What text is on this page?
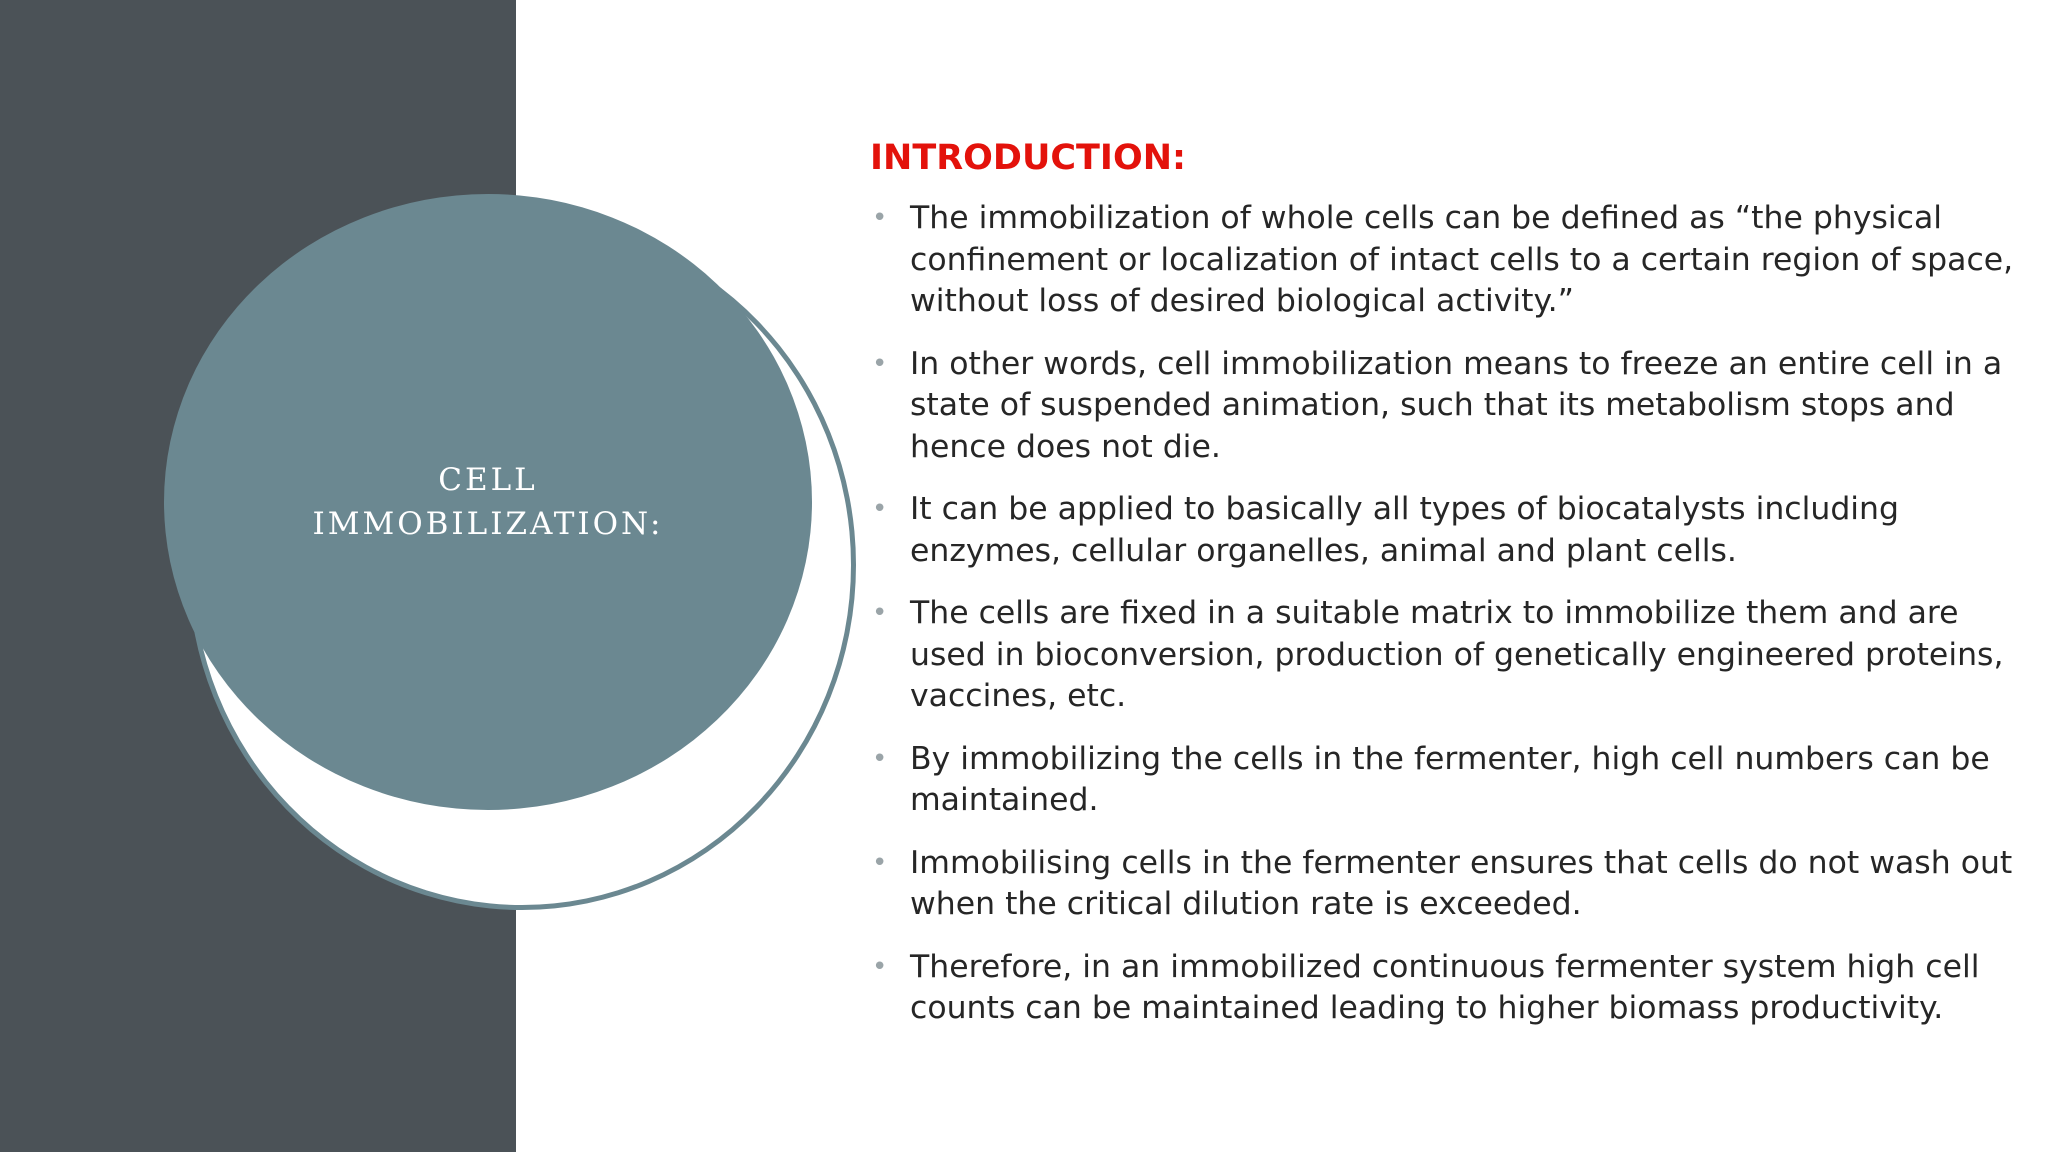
CELL
IMMOBILIZATION:
INTRODUCTION:
• The immobilization of whole cells can be defined as “the physical confinement or localization of intact cells to a certain region of space, without loss of desired biological activity.”
• In other words, cell immobilization means to freeze an entire cell in a state of suspended animation, such that its metabolism stops and hence does not die.
• It can be applied to basically all types of biocatalysts including enzymes, cellular organelles, animal and plant cells.
• The cells are fixed in a suitable matrix to immobilize them and are used in bioconversion, production of genetically engineered proteins, vaccines, etc.
• By immobilizing the cells in the fermenter, high cell numbers can be maintained.
• Immobilising cells in the fermenter ensures that cells do not wash out when the critical dilution rate is exceeded.
• Therefore, in an immobilized continuous fermenter system high cell counts can be maintained leading to higher biomass productivity.
